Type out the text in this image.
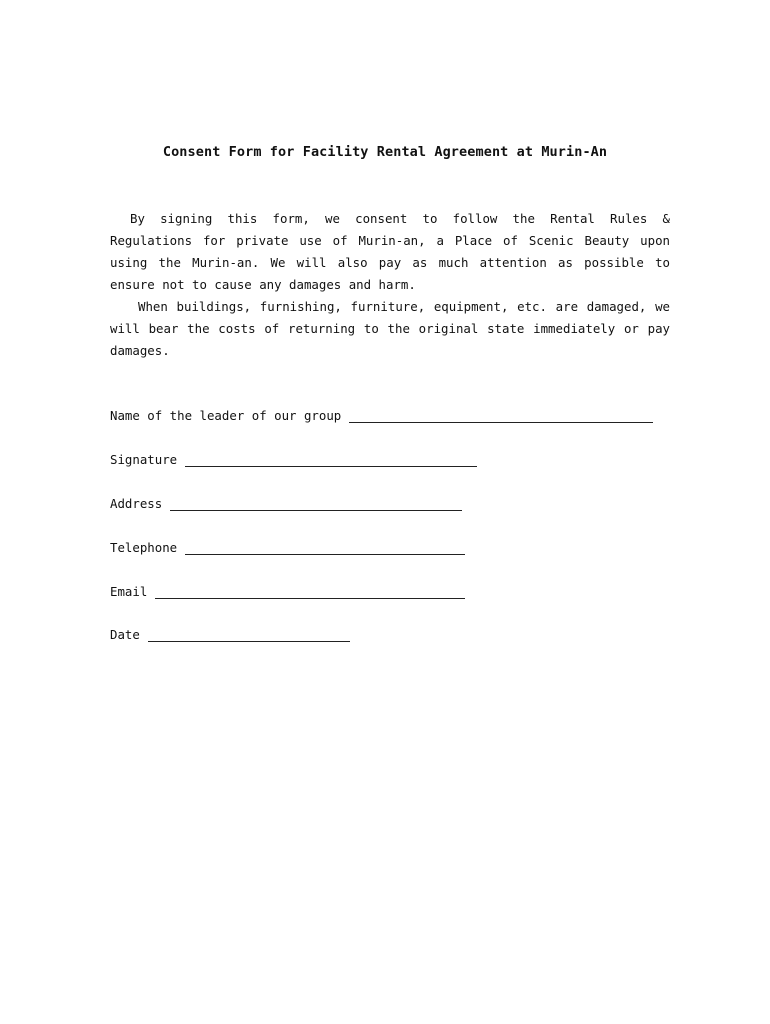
Consent Form for Facility Rental Agreement at Murin-An
By signing this form, we consent to follow the Rental Rules & Regulations for private use of Murin-an, a Place of Scenic Beauty upon using the Murin-an. We will also pay as much attention as possible to ensure not to cause any damages and harm.
When buildings, furnishing, furniture, equipment, etc. are damaged, we will bear the costs of returning to the original state immediately or pay damages.
Name of the leader of our group
Signature
Address
Telephone
Email
Date
